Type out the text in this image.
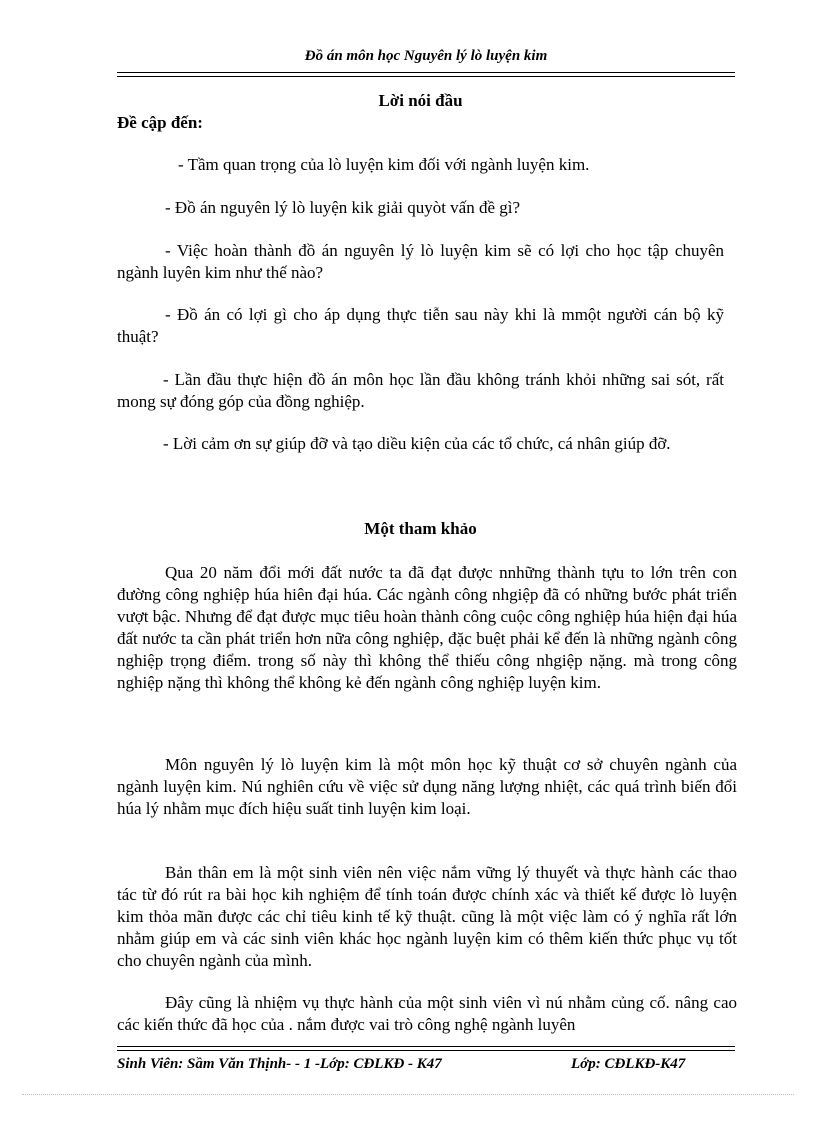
Đồ án môn học Nguyên lý lò luyện kim
Lời nói đầu
Đề cập đến:
- Tầm quan trọng của lò luyện kim đối với ngành luyện kim.
- Đồ án nguyên lý lò luyện kik giải quyòt vấn đề gì?
- Việc hoàn thành đồ án nguyên lý lò luyện kim sẽ có lợi cho học tập chuyên ngành luyên kim như thế nào?
- Đồ án có lợi gì cho áp dụng thực tiễn sau này khi là mmột người cán bộ kỹ thuật?
- Lần đầu thực hiện đồ án môn học lần đầu không tránh khỏi những sai sót, rất mong sự đóng góp của đồng nghiệp.
- Lời cảm ơn sự giúp đỡ và tạo diều kiện của các tổ chức, cá nhân giúp đỡ.
Một tham khảo
Qua 20 năm đổi mới đất nước ta đã đạt được nnhững thành tựu to lớn trên con đường công nghiệp húa hiên đại húa. Các ngành công nhgiệp đã có những bước phát triển vượt bậc. Nhưng để đạt được mục tiêu hoàn thành công cuộc công nghiệp húa hiện đại húa đất nước ta cần phát triển hơn nữa công nghiệp, đặc buệt phải kể đến là những ngành công nghiệp trọng điểm. trong số này thì không thể thiếu công nhgiệp nặng. mà trong công nghiệp nặng thì không thể không kẻ đến ngành công nghiệp luyện kim.
Môn nguyên lý lò luyện kim là một môn học kỹ thuật cơ sở chuyên ngành của ngành luyện kim. Nú nghiên cứu về việc sử dụng năng lượng nhiệt, các quá trình biến đổi húa lý nhằm mục đích hiệu suất tinh luyện kim loại.
Bản thân em là một sinh viên nên việc nắm vững lý thuyết và thực hành các thao tác từ đó rút ra bài học kih nghiệm để tính toán được chính xác và thiết kế được lò luyện kim thỏa mãn được các chỉ tiêu kinh tế kỹ thuật. cũng là một việc làm có ý nghĩa rất lớn nhằm giúp em và các sinh viên khác học ngành luyện kim có thêm kiến thức phục vụ tốt cho chuyên ngành của mình.
Đây cũng là nhiệm vụ thực hành của một sinh viên vì nú nhằm củng cố. nâng cao các kiến thức đã học của . nắm được vai trò công nghệ ngành luyên
Sinh Viên: Sầm Văn Thịnh- - 1 -Lớp: CĐLKĐ - K47	Lớp: CĐLKĐ-K47
